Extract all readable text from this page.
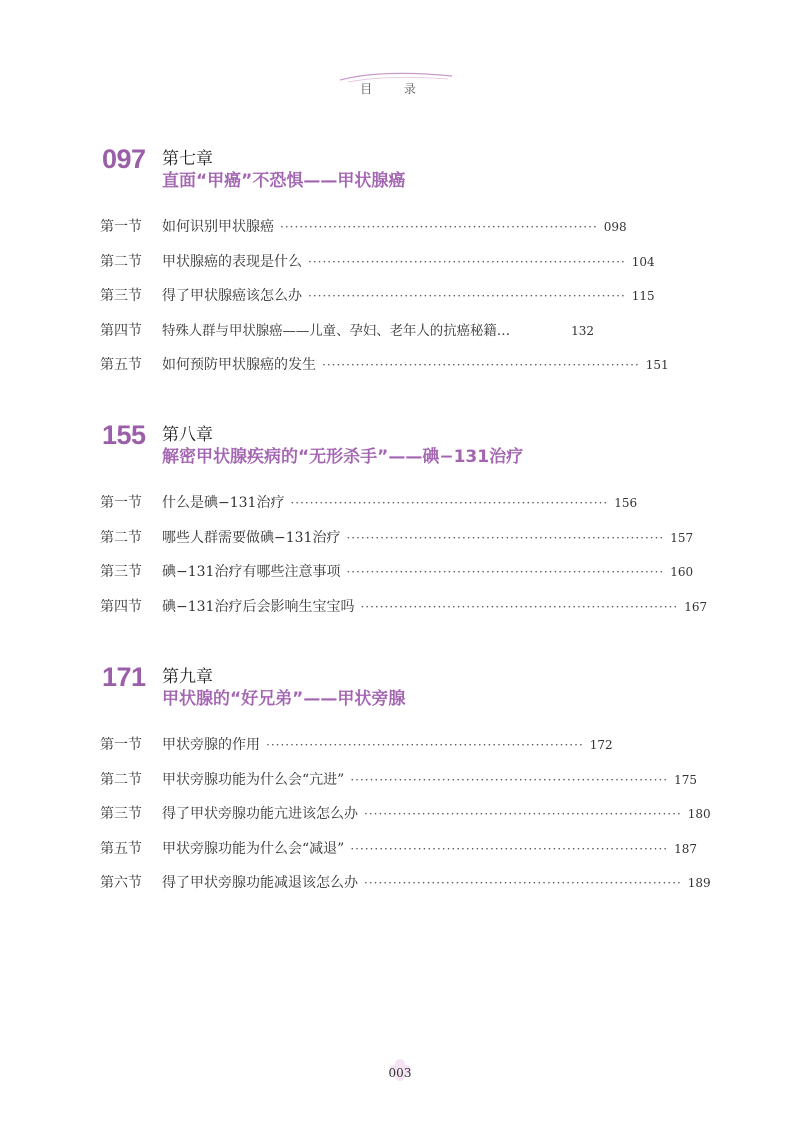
目 录
097 第七章
直面“甲癌”不恐惧——甲状腺癌
第一节	如何识别甲状腺癌 ·································································· 098
第二节	甲状腺癌的表现是什么 ·································································· 104
第三节	得了甲状腺癌该怎么办 ·································································· 115
第四节	特殊人群与甲状腺癌——儿童、孕妇、老年人的抗癌秘籍…	132
第五节	如何预防甲状腺癌的发生 ·································································· 151
155 第八章
解密甲状腺疾病的“无形杀手”——碘−131治疗
第一节	什么是碘−131治疗 ·································································· 156
第二节	哪些人群需要做碘−131治疗 ·································································· 157
第三节	碘−131治疗有哪些注意事项 ·································································· 160
第四节	碘−131治疗后会影响生宝宝吗 ·································································· 167
171 第九章
甲状腺的“好兄弟”——甲状旁腺
第一节	甲状旁腺的作用 ·································································· 172
第二节	甲状旁腺功能为什么会“亢进” ·································································· 175
第三节	得了甲状旁腺功能亢进该怎么办 ·································································· 180
第五节	甲状旁腺功能为什么会“减退” ·································································· 187
第六节	得了甲状旁腺功能减退该怎么办 ·································································· 189
003
